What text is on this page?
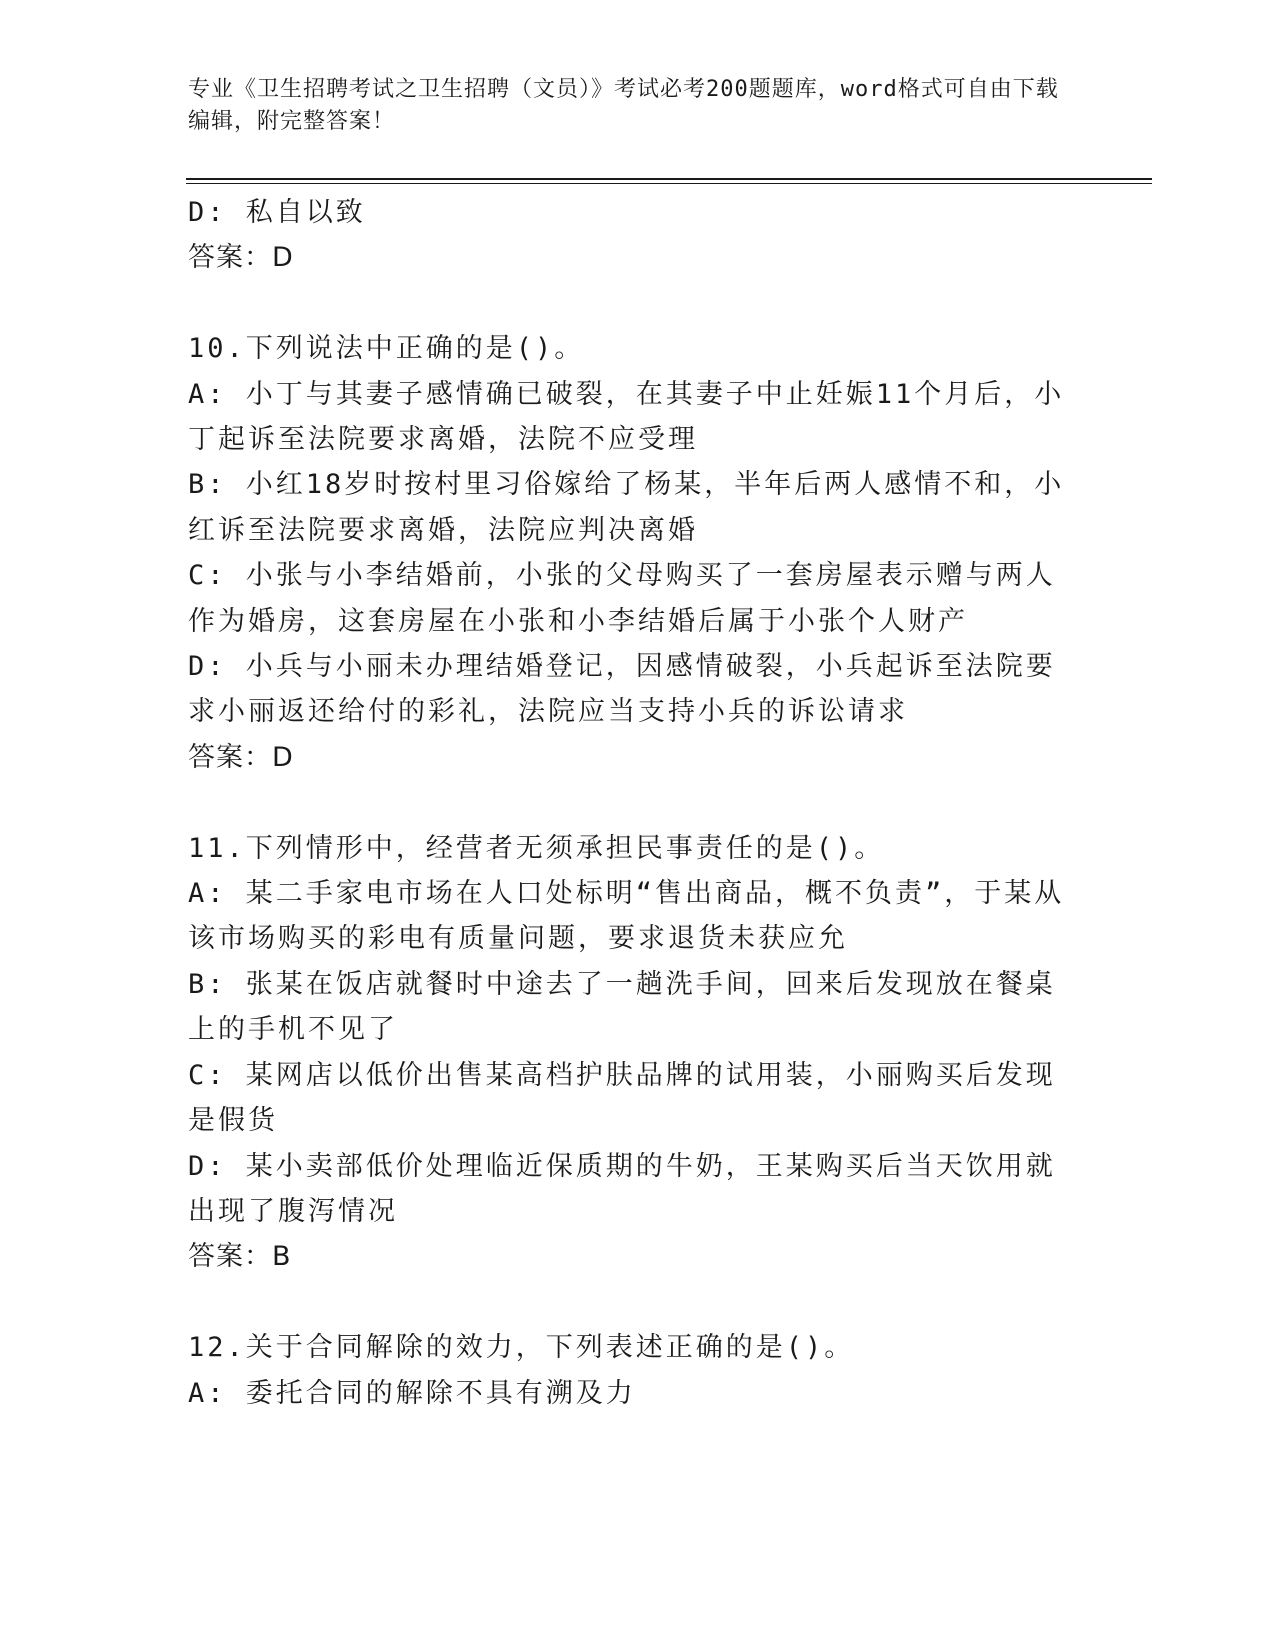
专业《卫生招聘考试之卫生招聘（文员）》考试必考200题题库，word格式可自由下载编辑，附完整答案！
D: 私自以致
答案：D
10.下列说法中正确的是()。
A: 小丁与其妻子感情确已破裂，在其妻子中止妊娠11个月后，小丁起诉至法院要求离婚，法院不应受理
B: 小红18岁时按村里习俗嫁给了杨某，半年后两人感情不和，小红诉至法院要求离婚，法院应判决离婚
C: 小张与小李结婚前，小张的父母购买了一套房屋表示赠与两人作为婚房，这套房屋在小张和小李结婚后属于小张个人财产
D: 小兵与小丽未办理结婚登记，因感情破裂，小兵起诉至法院要求小丽返还给付的彩礼，法院应当支持小兵的诉讼请求
答案：D
11.下列情形中，经营者无须承担民事责任的是()。
A: 某二手家电市场在人口处标明“售出商品，概不负责”，于某从该市场购买的彩电有质量问题，要求退货未获应允
B: 张某在饭店就餐时中途去了一趟洗手间，回来后发现放在餐桌上的手机不见了
C: 某网店以低价出售某高档护肤品牌的试用装，小丽购买后发现是假货
D: 某小卖部低价处理临近保质期的牛奶，王某购买后当天饮用就出现了腹泻情况
答案：B
12.关于合同解除的效力，下列表述正确的是()。
A: 委托合同的解除不具有溯及力
